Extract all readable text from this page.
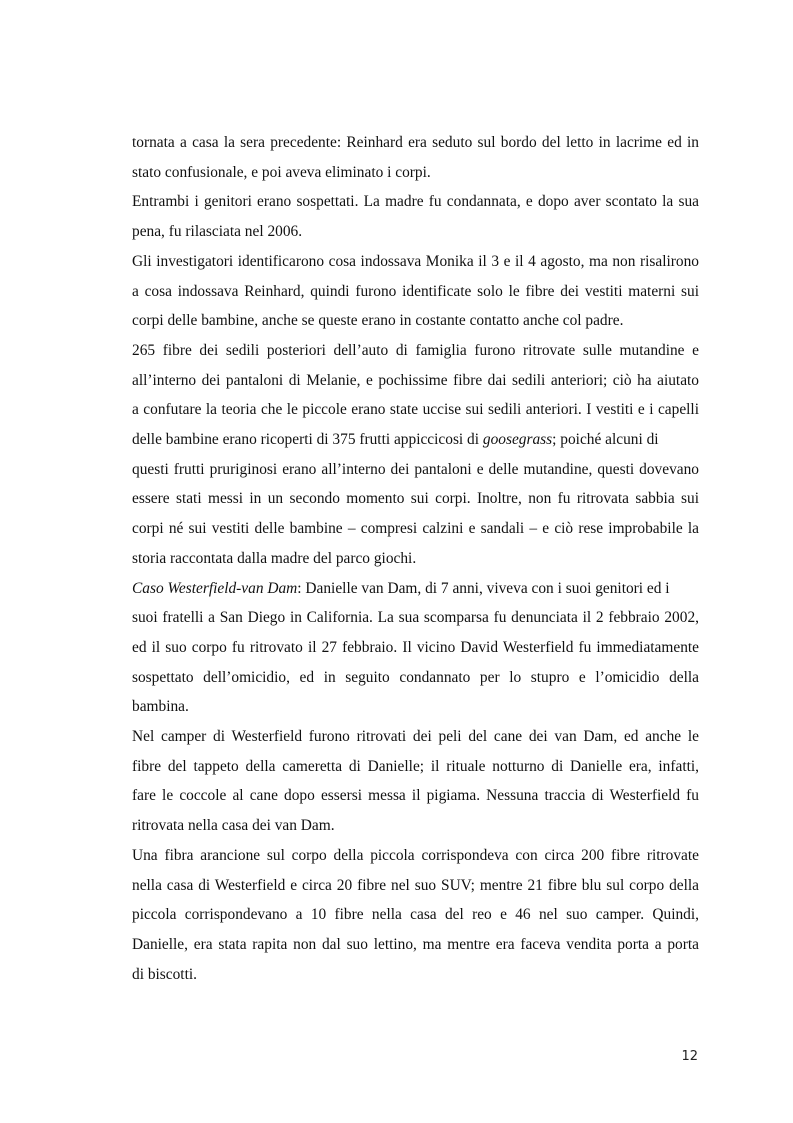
tornata a casa la sera precedente: Reinhard era seduto sul bordo del letto in lacrime ed in
stato confusionale, e poi aveva eliminato i corpi.
Entrambi i genitori erano sospettati. La madre fu condannata, e dopo aver scontato la sua
pena, fu rilasciata nel 2006.
Gli investigatori identificarono cosa indossava Monika il 3 e il 4 agosto, ma non risalirono
a cosa indossava Reinhard, quindi furono identificate solo le fibre dei vestiti materni sui
corpi delle bambine, anche se queste erano in costante contatto anche col padre.
265 fibre dei sedili posteriori dell’auto di famiglia furono ritrovate sulle mutandine e
all’interno dei pantaloni di Melanie, e pochissime fibre dai sedili anteriori; ciò ha aiutato
a confutare la teoria che le piccole erano state uccise sui sedili anteriori. I vestiti e i capelli
delle bambine erano ricoperti di 375 frutti appiccicosi di goosegrass; poiché alcuni di
questi frutti pruriginosi erano all’interno dei pantaloni e delle mutandine, questi dovevano
essere stati messi in un secondo momento sui corpi. Inoltre, non fu ritrovata sabbia sui
corpi né sui vestiti delle bambine – compresi calzini e sandali – e ciò rese improbabile la
storia raccontata dalla madre del parco giochi.
Caso Westerfield-van Dam: Danielle van Dam, di 7 anni, viveva con i suoi genitori ed i
suoi fratelli a San Diego in California. La sua scomparsa fu denunciata il 2 febbraio 2002,
ed il suo corpo fu ritrovato il 27 febbraio. Il vicino David Westerfield fu immediatamente
sospettato dell’omicidio, ed in seguito condannato per lo stupro e l’omicidio della
bambina.
Nel camper di Westerfield furono ritrovati dei peli del cane dei van Dam, ed anche le
fibre del tappeto della cameretta di Danielle; il rituale notturno di Danielle era, infatti,
fare le coccole al cane dopo essersi messa il pigiama. Nessuna traccia di Westerfield fu
ritrovata nella casa dei van Dam.
Una fibra arancione sul corpo della piccola corrispondeva con circa 200 fibre ritrovate
nella casa di Westerfield e circa 20 fibre nel suo SUV; mentre 21 fibre blu sul corpo della
piccola corrispondevano a 10 fibre nella casa del reo e 46 nel suo camper. Quindi,
Danielle, era stata rapita non dal suo lettino, ma mentre era faceva vendita porta a porta
di biscotti.
12
